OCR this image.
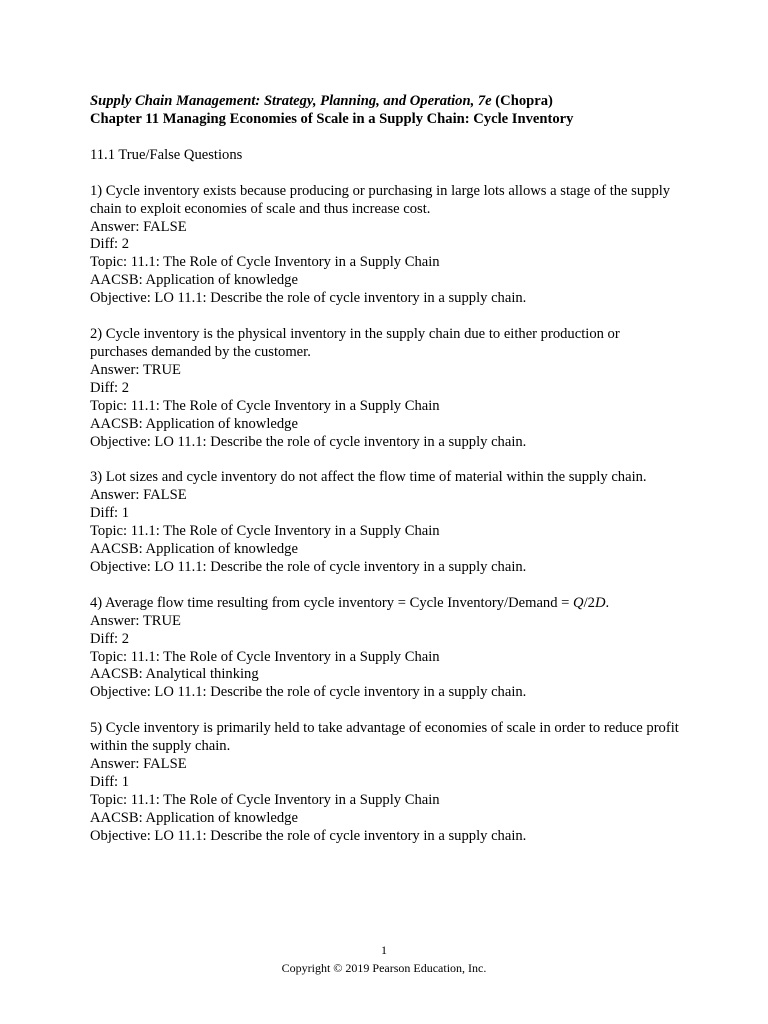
Supply Chain Management: Strategy, Planning, and Operation, 7e (Chopra)

Chapter 11 Managing Economies of Scale in a Supply Chain: Cycle Inventory

11.1 True/False Questions

1) Cycle inventory exists because producing or purchasing in large lots allows a stage of the supply chain to exploit economies of scale and thus increase cost.

Answer: FALSE

Diff: 2

Topic: 11.1: The Role of Cycle Inventory in a Supply Chain

AACSB: Application of knowledge

Objective: LO 11.1: Describe the role of cycle inventory in a supply chain.

2) Cycle inventory is the physical inventory in the supply chain due to either production or purchases demanded by the customer.

Answer: TRUE

Diff: 2

Topic: 11.1: The Role of Cycle Inventory in a Supply Chain

AACSB: Application of knowledge

Objective: LO 11.1: Describe the role of cycle inventory in a supply chain.

3) Lot sizes and cycle inventory do not affect the flow time of material within the supply chain.

Answer: FALSE

Diff: 1

Topic: 11.1: The Role of Cycle Inventory in a Supply Chain

AACSB: Application of knowledge

Objective: LO 11.1: Describe the role of cycle inventory in a supply chain.

4) Average flow time resulting from cycle inventory = Cycle Inventory/Demand = Q/2D.

Answer: TRUE

Diff: 2

Topic: 11.1: The Role of Cycle Inventory in a Supply Chain

AACSB: Analytical thinking

Objective: LO 11.1: Describe the role of cycle inventory in a supply chain.

5) Cycle inventory is primarily held to take advantage of economies of scale in order to reduce profit within the supply chain.

Answer: FALSE

Diff: 1

Topic: 11.1: The Role of Cycle Inventory in a Supply Chain

AACSB: Application of knowledge

Objective: LO 11.1: Describe the role of cycle inventory in a supply chain.

1
Copyright © 2019 Pearson Education, Inc.
